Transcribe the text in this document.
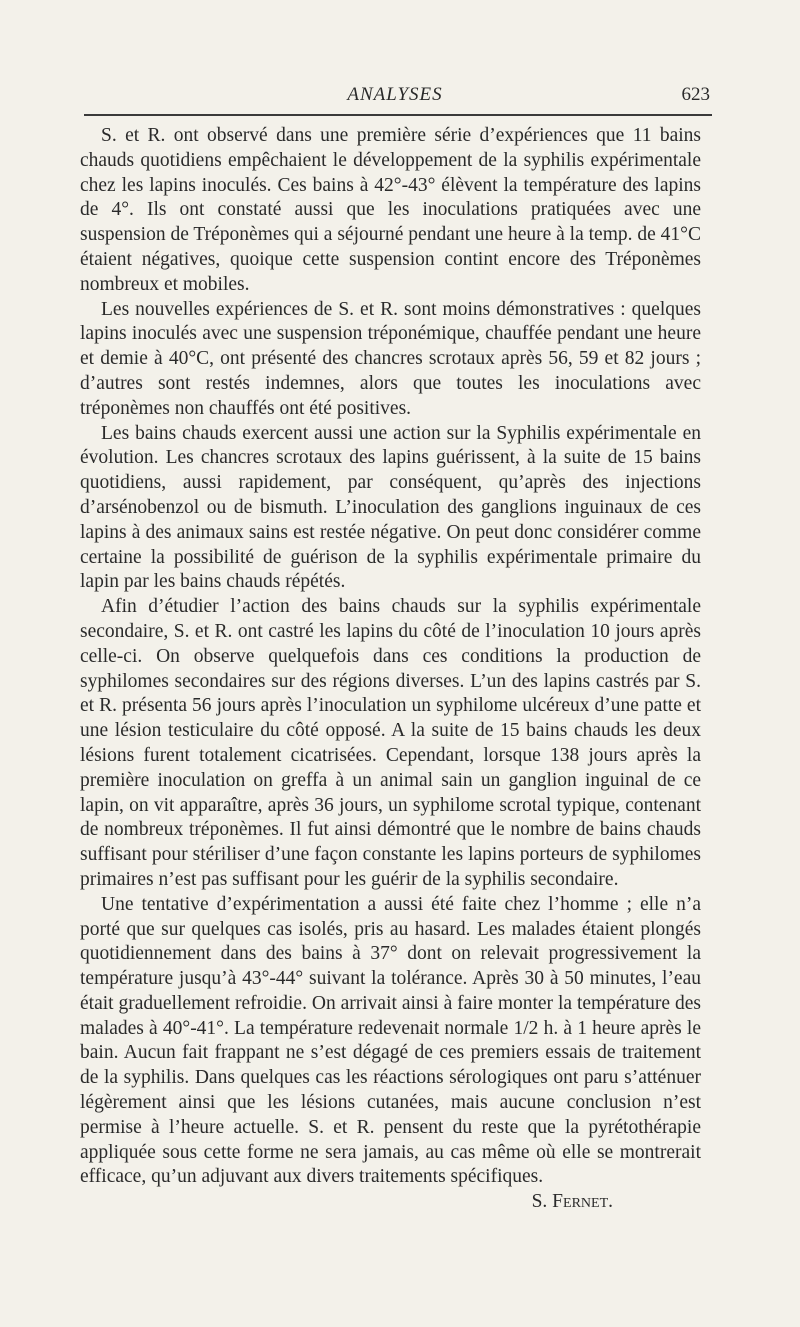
ANALYSES	623

S. et R. ont observé dans une première série d’expériences que 11 bains chauds quotidiens empêchaient le développement de la syphilis expérimentale chez les lapins inoculés. Ces bains à 42°-43° élèvent la température des lapins de 4°. Ils ont constaté aussi que les inoculations pratiquées avec une suspension de Tréponèmes qui a séjourné pendant une heure à la temp. de 41°C étaient négatives, quoique cette suspension contint encore des Tréponèmes nombreux et mobiles.

Les nouvelles expériences de S. et R. sont moins démonstratives : quelques lapins inoculés avec une suspension tréponémique, chauffée pendant une heure et demie à 40°C, ont présenté des chancres scrotaux après 56, 59 et 82 jours ; d’autres sont restés indemnes, alors que toutes les inoculations avec tréponèmes non chauffés ont été positives.

Les bains chauds exercent aussi une action sur la Syphilis expérimentale en évolution. Les chancres scrotaux des lapins guérissent, à la suite de 15 bains quotidiens, aussi rapidement, par conséquent, qu’après des injections d’arsénobenzol ou de bismuth. L’inoculation des ganglions inguinaux de ces lapins à des animaux sains est restée négative. On peut donc considérer comme certaine la possibilité de guérison de la syphilis expérimentale primaire du lapin par les bains chauds répétés.

Afin d’étudier l’action des bains chauds sur la syphilis expérimentale secondaire, S. et R. ont castré les lapins du côté de l’inoculation 10 jours après celle-ci. On observe quelquefois dans ces conditions la production de syphilomes secondaires sur des régions diverses. L’un des lapins castrés par S. et R. présenta 56 jours après l’inoculation un syphilome ulcéreux d’une patte et une lésion testiculaire du côté opposé. A la suite de 15 bains chauds les deux lésions furent totalement cicatrisées. Cependant, lorsque 138 jours après la première inoculation on greffa à un animal sain un ganglion inguinal de ce lapin, on vit apparaître, après 36 jours, un syphilome scrotal typique, contenant de nombreux tréponèmes. Il fut ainsi démontré que le nombre de bains chauds suffisant pour stériliser d’une façon constante les lapins porteurs de syphilomes primaires n’est pas suffisant pour les guérir de la syphilis secondaire.

Une tentative d’expérimentation a aussi été faite chez l’homme ; elle n’a porté que sur quelques cas isolés, pris au hasard. Les malades étaient plongés quotidiennement dans des bains à 37° dont on relevait progressivement la température jusqu’à 43°-44° suivant la tolérance. Après 30 à 50 minutes, l’eau était graduellement refroidie. On arrivait ainsi à faire monter la température des malades à 40°-41°. La température redevenait normale 1/2 h. à 1 heure après le bain. Aucun fait frappant ne s’est dégagé de ces premiers essais de traitement de la syphilis. Dans quelques cas les réactions sérologiques ont paru s’atténuer légèrement ainsi que les lésions cutanées, mais aucune conclusion n’est permise à l’heure actuelle. S. et R. pensent du reste que la pyrétothérapie appliquée sous cette forme ne sera jamais, au cas même où elle se montrerait efficace, qu’un adjuvant aux divers traitements spécifiques.
S. Fernet.
